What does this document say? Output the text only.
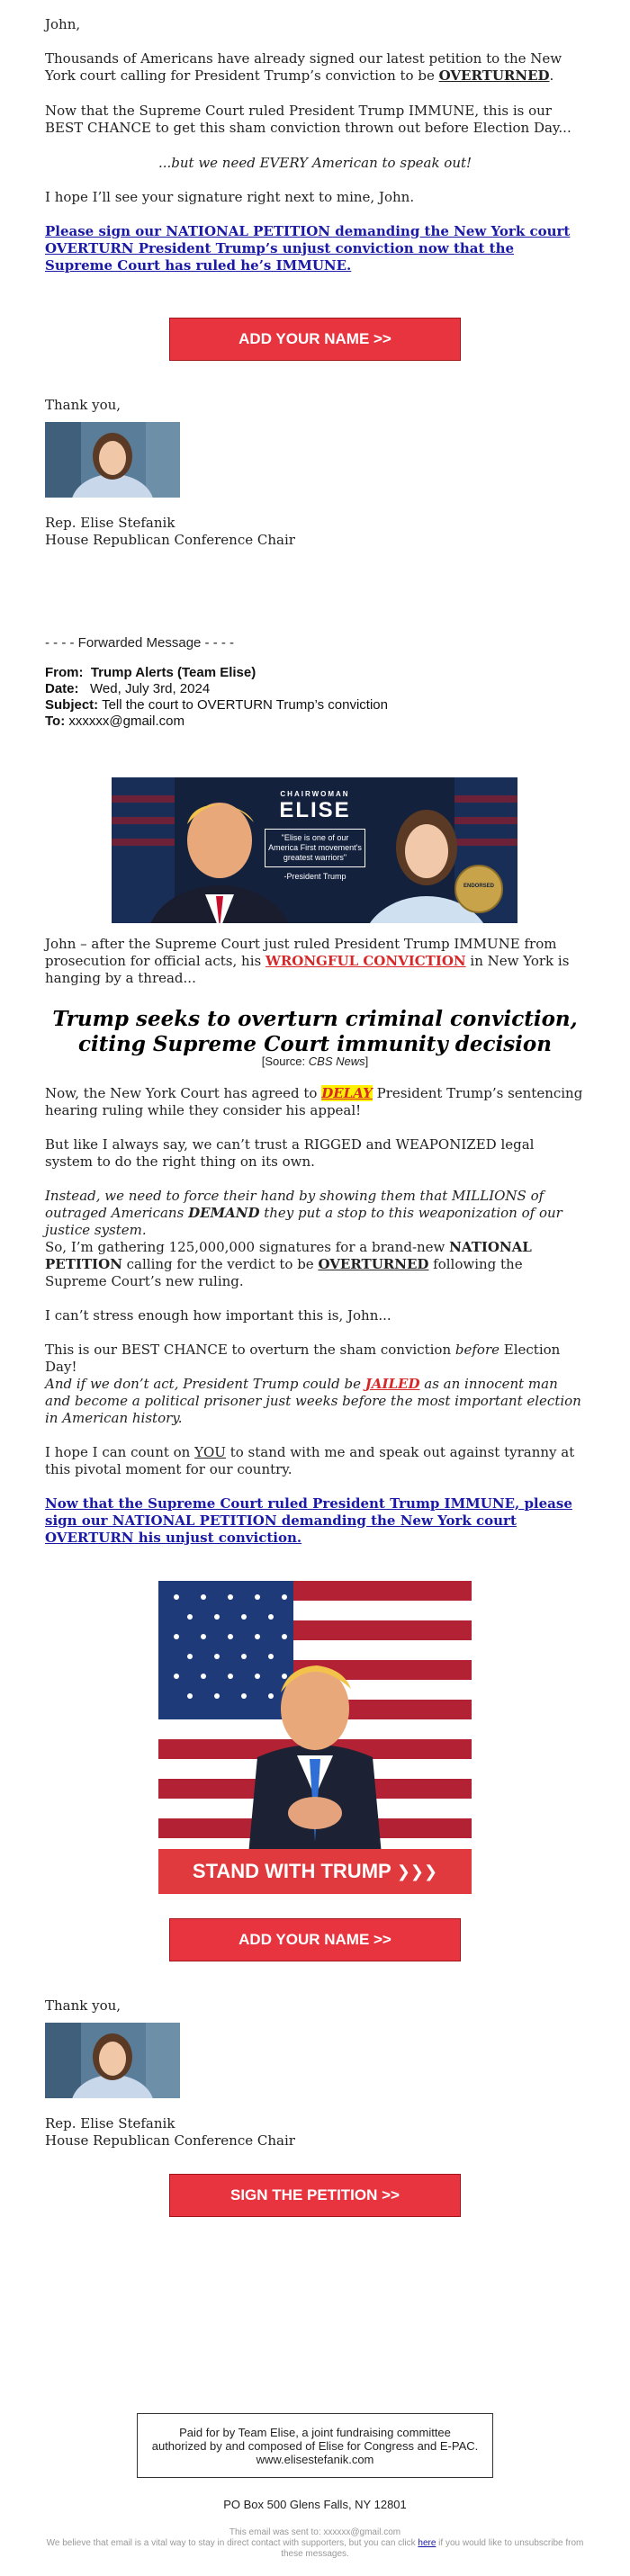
John,

Thousands of Americans have already signed our latest petition to the New York court calling for President Trump’s conviction to be OVERTURNED.

Now that the Supreme Court ruled President Trump IMMUNE, this is our BEST CHANCE to get this sham conviction thrown out before Election Day...

...but we need EVERY American to speak out!

I hope I’ll see your signature right next to mine, John.

Please sign our NATIONAL PETITION demanding the New York court OVERTURN President Trump’s unjust conviction now that the Supreme Court has ruled he’s IMMUNE.
ADD YOUR NAME >>

Thank you,

Rep. Elise Stefanik

House Republican Conference Chair

- - - - Forwarded Message - - - -

From: Trump Alerts (Team Elise)
Date: Wed, July 3rd, 2024
Subject: Tell the court to OVERTURN Trump’s conviction
To: xxxxxx@gmail.com
CHAIRWOMAN
ELISE
"Elise is one of our America First movement's greatest warriors"
-President Trump
ENDORSED

John – after the Supreme Court just ruled President Trump IMMUNE from prosecution for official acts, his WRONGFUL CONVICTION in New York is hanging by a thread...

Trump seeks to overturn criminal conviction, citing Supreme Court immunity decision

[Source: CBS News]

Now, the New York Court has agreed to DELAY President Trump’s sentencing hearing ruling while they consider his appeal!

But like I always say, we can’t trust a RIGGED and WEAPONIZED legal system to do the right thing on its own.

Instead, we need to force their hand by showing them that MILLIONS of outraged Americans DEMAND they put a stop to this weaponization of our justice system.

So, I’m gathering 125,000,000 signatures for a brand-new NATIONAL PETITION calling for the verdict to be OVERTURNED following the Supreme Court’s new ruling.

I can’t stress enough how important this is, John...

This is our BEST CHANCE to overturn the sham conviction before Election Day!

And if we don’t act, President Trump could be JAILED as an innocent man and become a political prisoner just weeks before the most important election in American history.

I hope I can count on YOU to stand with me and speak out against tyranny at this pivotal moment for our country.

Now that the Supreme Court ruled President Trump IMMUNE, please sign our NATIONAL PETITION demanding the New York court OVERTURN his unjust conviction.
STAND WITH TRUMP
❯❯❯
ADD YOUR NAME >>

Thank you,

Rep. Elise Stefanik

House Republican Conference Chair

SIGN THE PETITION >>
Paid for by Team Elise, a joint fundraising committee authorized by and composed of Elise for Congress and E-PAC. www.elisestefanik.com

PO Box 500 Glens Falls, NY 12801

This email was sent to: xxxxxx@gmail.com

We believe that email is a vital way to stay in direct contact with supporters, but you can click here if you would like to unsubscribe from these messages.
